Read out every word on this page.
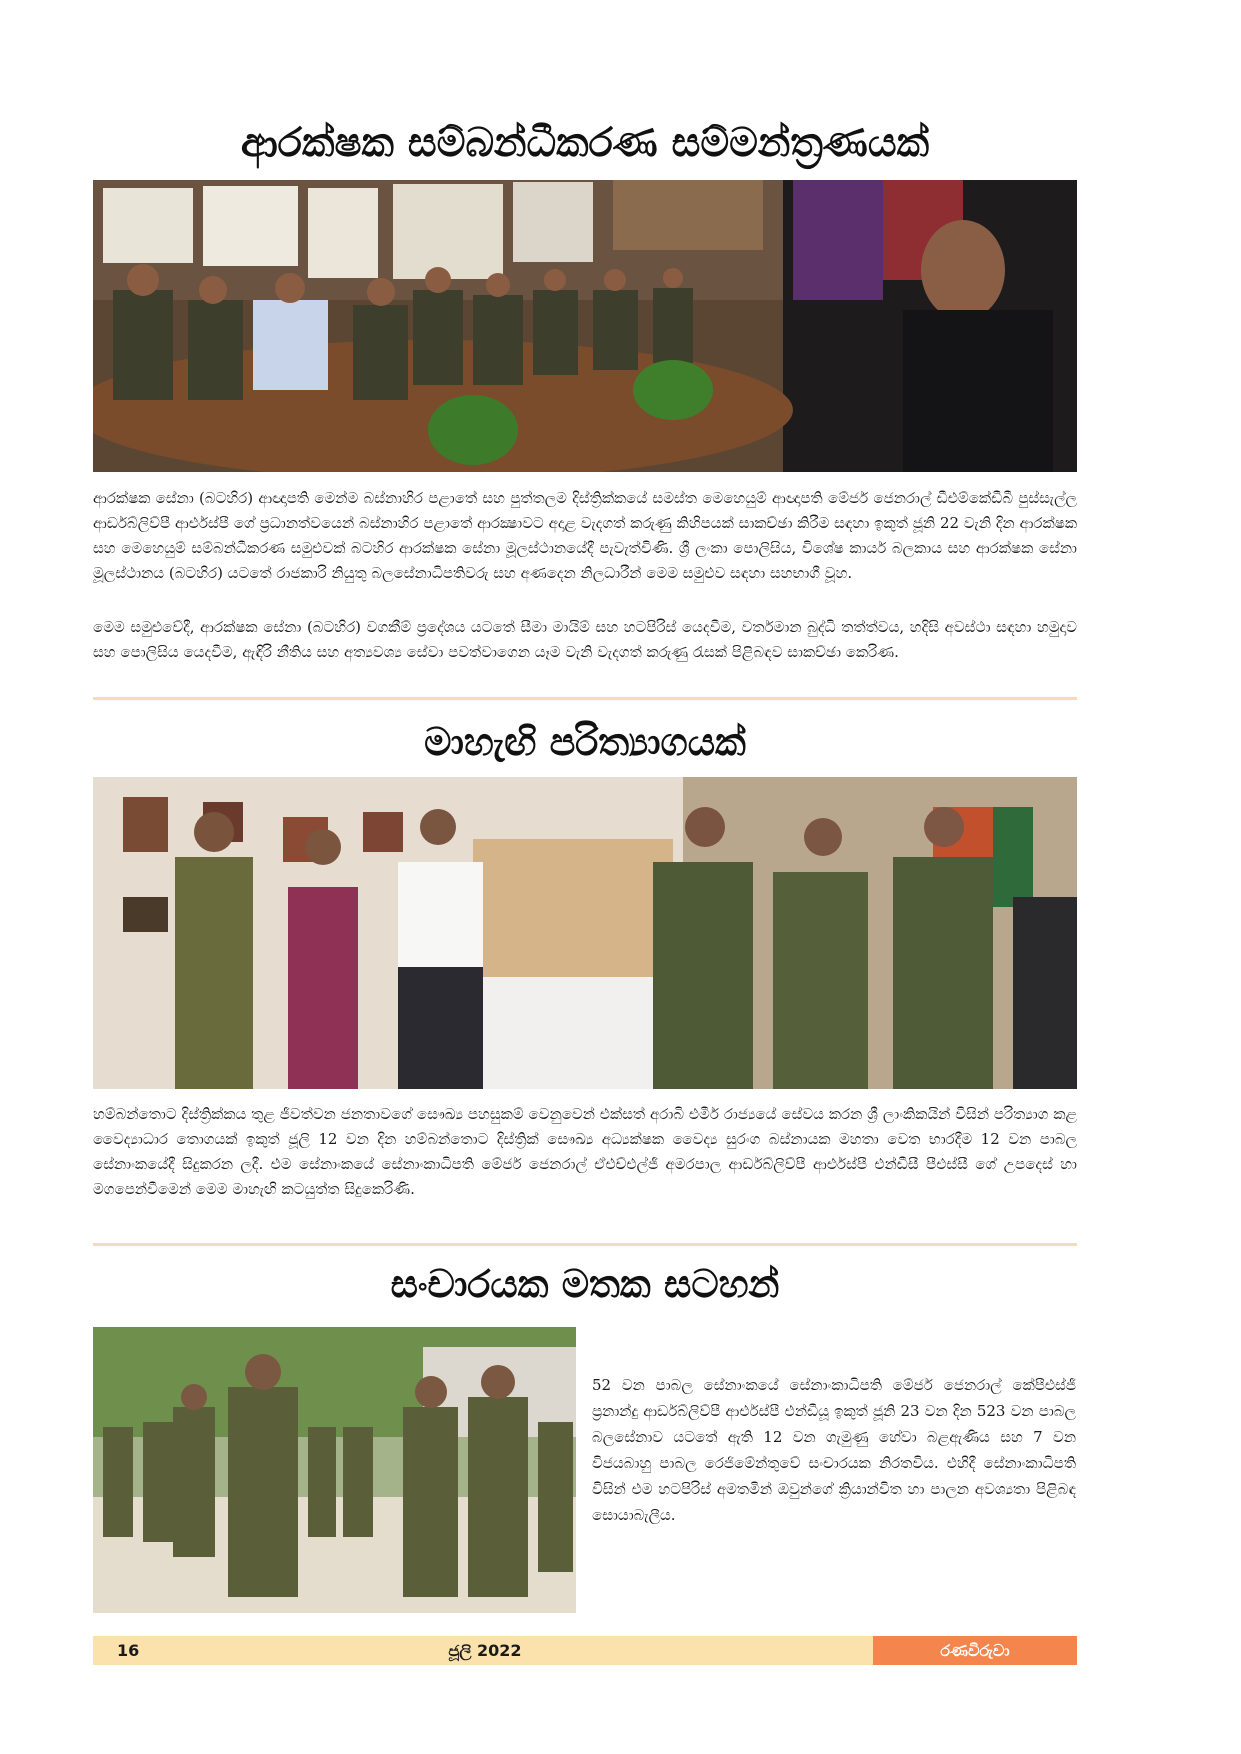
ආරක්ෂක සම්බන්ධීකරණ සම්මන්ත්‍රණයක්

ආරක්ෂක සේනා (බටහිර) ආඥාපති මෙන්ම බස්නාහිර පළාතේ සහ පුත්තලම දිස්ත්‍රික්කයේ සමස්ත මෙහෙයුම් ආඥාපති මේජර් ජෙනරාල් ඩීඑම්කේඩීබී පුස්සැල්ල ආර්ඩබ්ලිව්පී ආර්එස්පී ගේ ප්‍රධානත්වයෙන් බස්නාහිර පළාතේ ආරක්‍ෂාවට අදාළ වැදගත් කරුණු කිහිපයක් සාකච්ඡා කිරීම සඳහා ඉකුත් ජූනි 22 වැනි දින ආරක්ෂක සහ මෙහෙයුම් සම්බන්ධීකරණ සමුළුවක් බටහිර ආරක්ෂක සේනා මූලස්ථානයේදී පැවැත්විණි. ශ්‍රී ලංකා පොලිසිය, විශේෂ කාර්ය බලකාය සහ ආරක්ෂක සේනා මූලස්ථානය (බටහිර) යටතේ රාජකාරි නියුතු බලසේනාධිපතිවරු සහ අණදෙන නිලධාරීන් මෙම සමුළුව සඳහා සහභාගී වූහ.

මෙම සමුළුවේදී, ආරක්ෂක සේනා (බටහිර) වගකීම් ප්‍රදේශය යටතේ සීමා මායිම් සහ හටපිරිස් යෙදවීම, වර්තමාන බුද්ධි තත්ත්වය, හදිසි අවස්ථා සඳහා හමුදාව සහ පොලිසිය යෙදවීම, ඇඳිරි නීතිය සහ අත්‍යවශ්‍ය සේවා පවත්වාගෙන යෑම වැනි වැදගත් කරුණු රැසක් පිළිබඳව සාකච්ඡා කෙරිණ.

මාහැඟි පරිත්‍යාගයක්

හම්බන්තොට දිස්ත්‍රික්කය තුළ ජීවත්වන ජනතාවගේ සෞඛ්‍ය පහසුකම් වෙනුවෙන් එක්සත් අරාබි එමීර් රාජ්‍යයේ සේවය කරන ශ්‍රී ලාංකිකයින් විසින් පරිත්‍යාග කළ වෛද්‍යාධාර තොගයක් ඉකුත් ජූලි 12 වන දින හම්බන්තොට දිස්ත්‍රික් සෞඛ්‍ය අධ්‍යක්ෂක වෛද්‍ය සුරංග බස්නායක මහතා වෙත භාරදීම 12 වන පාබල සේනාංකයේදී සිදුකරන ලදී. එම සේනාංකයේ සේනාංකාධිපති මේජර් ජෙනරාල් ඒඑච්එල්ජී අමරපාල ආර්ඩබ්ලිව්පී ආර්එස්පී එන්ඩීසී පීඑස්සී ගේ උපදෙස් හා මගපෙන්වීමෙන් මෙම මාහැඟි කටයුත්ත සිදුකෙරිණි.

සංචාරයක මතක සටහන්

52 වන පාබල සේනාංකයේ සේනාංකාධිපති මේජර් ජෙනරාල් කේපීඑස්ජී ප්‍රනාන්දු ආර්ඩබ්ලිව්පී ආර්එස්පී එන්ඩීයූ ඉකුත් ජූනි 23 වන දින 523 වන පාබල බලසේනාව යටතේ ඇති 12 වන ගැමුණු හේවා බළඇණිය සහ 7 වන විජයබාහු පාබල රෙජිමේන්තුවේ සංචාරයක නිරතවිය. එහිදී සේනාංකාධිපති විසින් එම හටපිරිස් අමතමින් ඔවුන්ගේ ක්‍රියාන්විත හා පාලන අවශ්‍යතා පිළිබඳ සොයාබැලීය.

16	ජූලි 2022	රණවිරුවා
